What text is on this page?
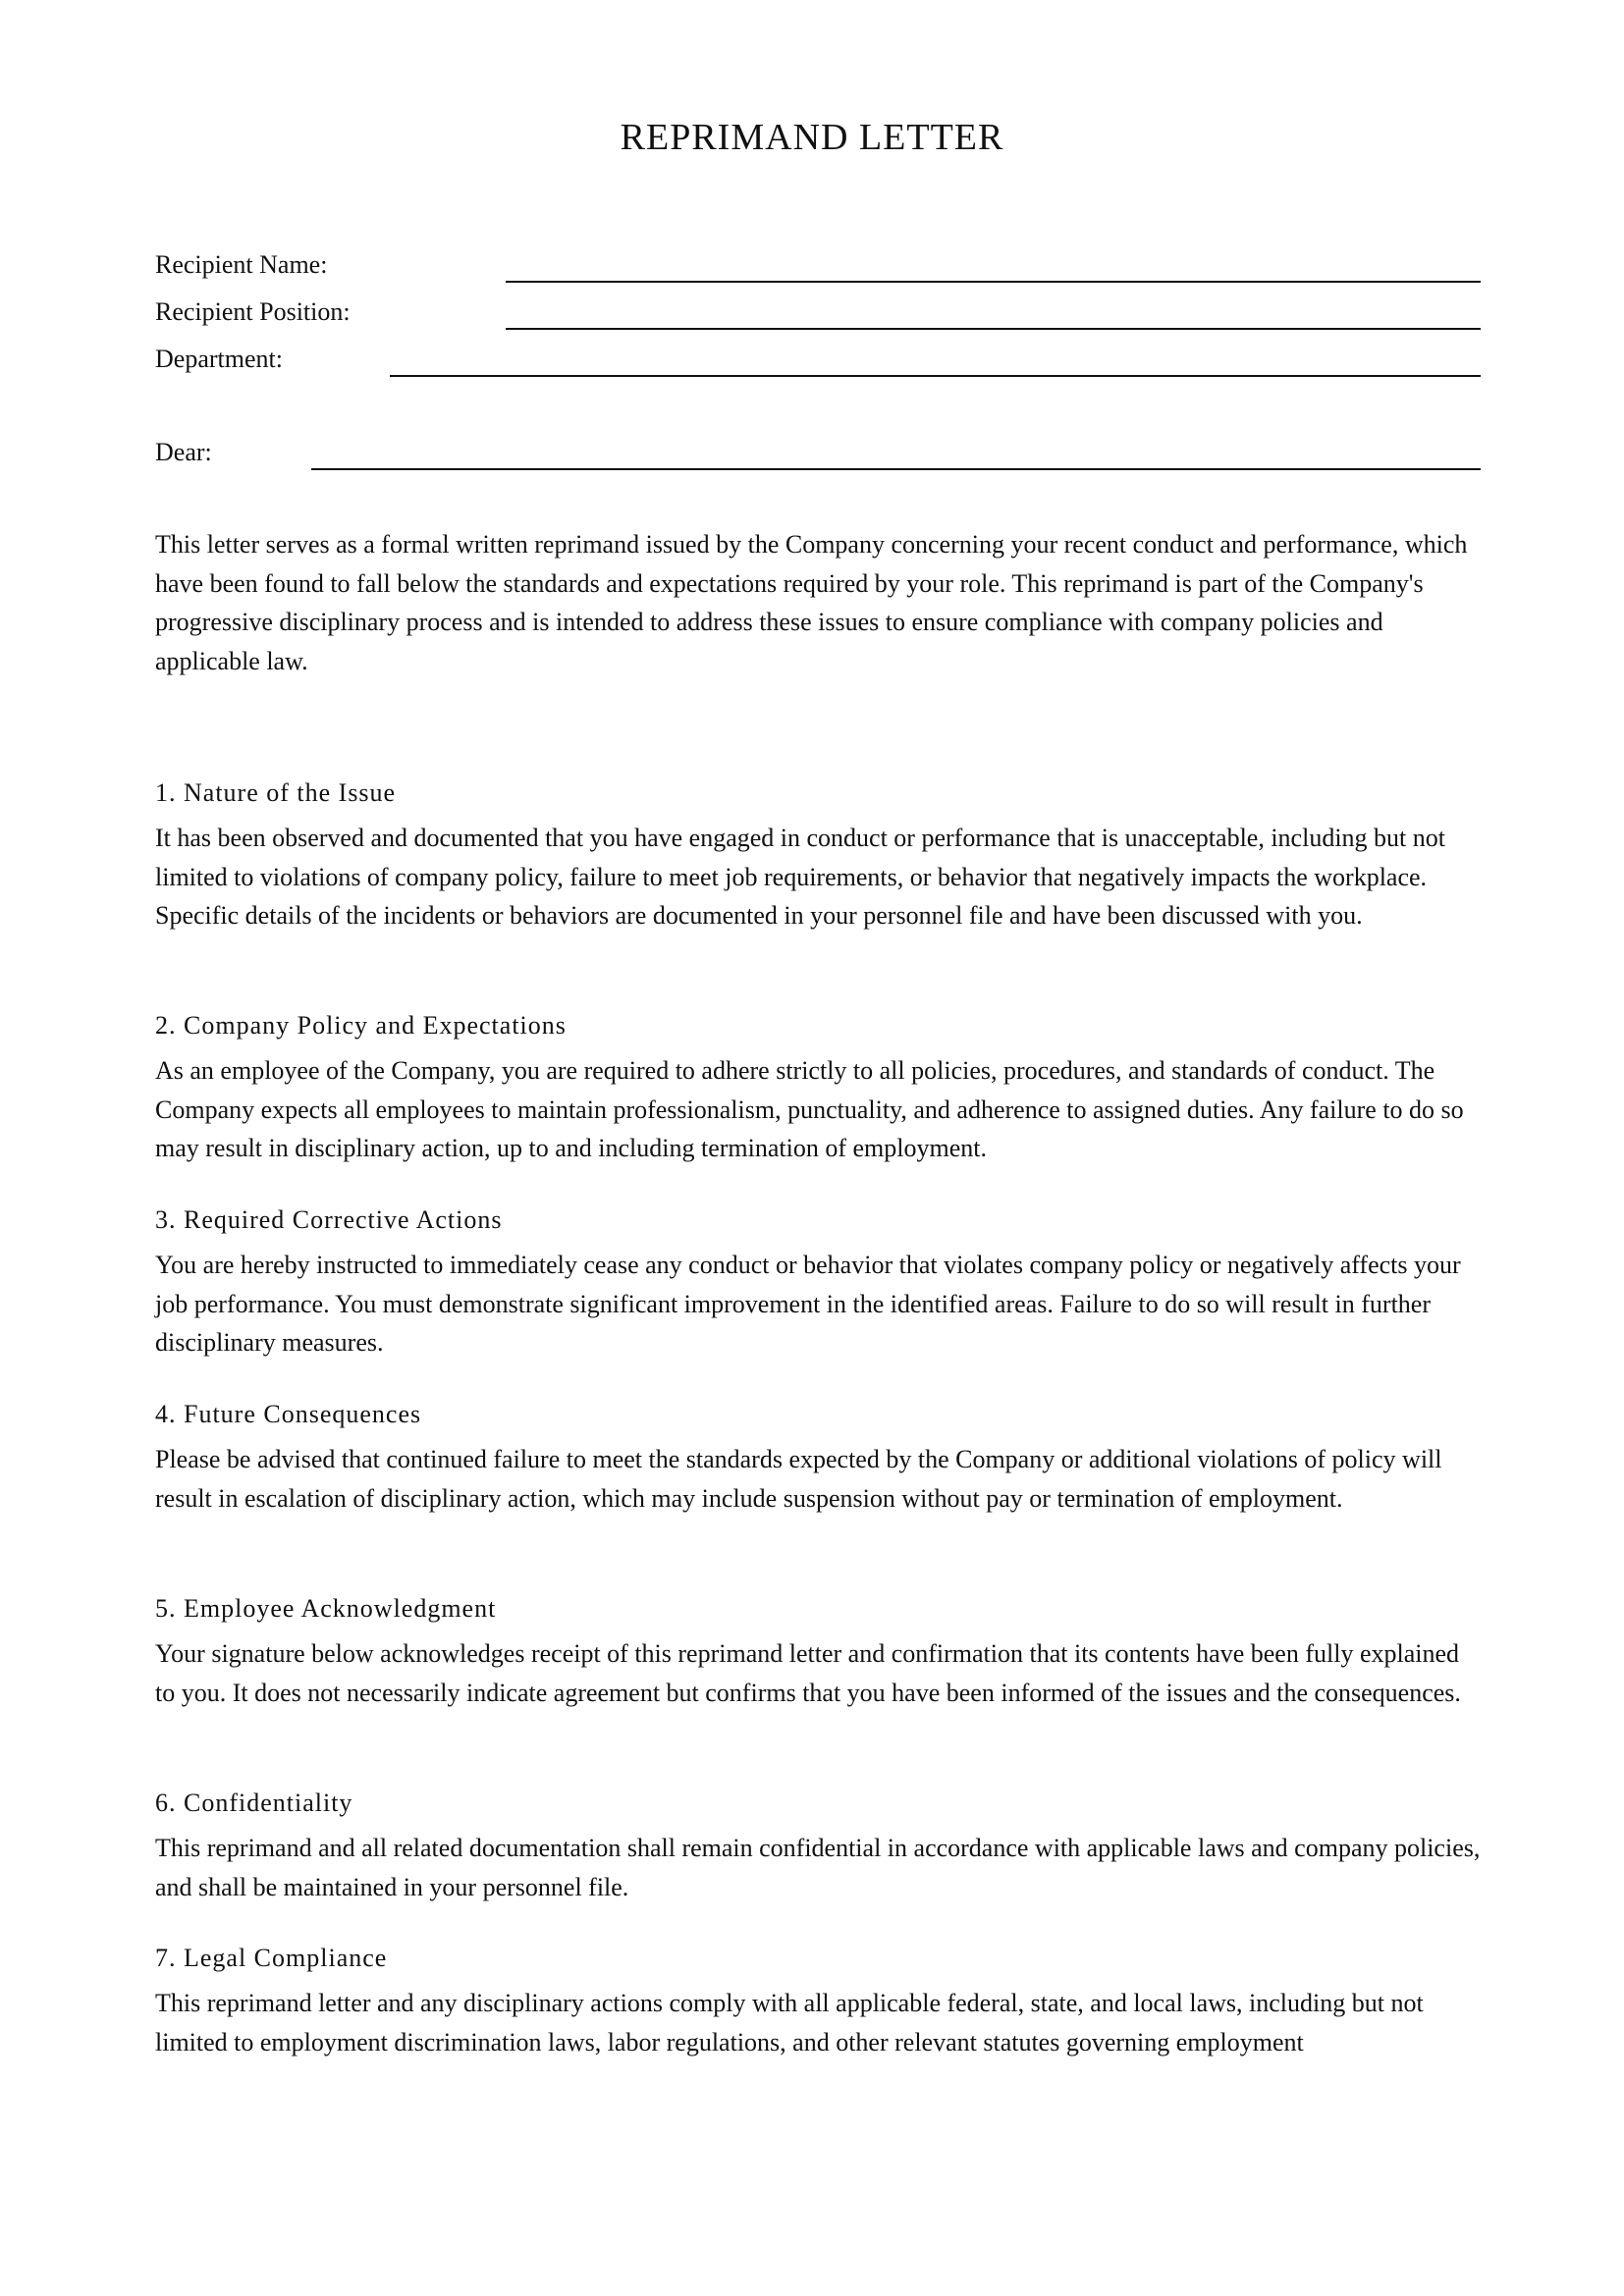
REPRIMAND LETTER
Recipient Name:
Recipient Position:
Department:
Dear:

This letter serves as a formal written reprimand issued by the Company concerning your recent conduct and performance, which have been found to fall below the standards and expectations required by your role. This reprimand is part of the Company's progressive disciplinary process and is intended to address these issues to ensure compliance with company policies and applicable law.

1. Nature of the Issue

It has been observed and documented that you have engaged in conduct or performance that is unacceptable, including but not limited to violations of company policy, failure to meet job requirements, or behavior that negatively impacts the workplace. Specific details of the incidents or behaviors are documented in your personnel file and have been discussed with you.

2. Company Policy and Expectations

As an employee of the Company, you are required to adhere strictly to all policies, procedures, and standards of conduct. The Company expects all employees to maintain professionalism, punctuality, and adherence to assigned duties. Any failure to do so may result in disciplinary action, up to and including termination of employment.

3. Required Corrective Actions

You are hereby instructed to immediately cease any conduct or behavior that violates company policy or negatively affects your job performance. You must demonstrate significant improvement in the identified areas. Failure to do so will result in further disciplinary measures.

4. Future Consequences

Please be advised that continued failure to meet the standards expected by the Company or additional violations of policy will result in escalation of disciplinary action, which may include suspension without pay or termination of employment.

5. Employee Acknowledgment

Your signature below acknowledges receipt of this reprimand letter and confirmation that its contents have been fully explained to you. It does not necessarily indicate agreement but confirms that you have been informed of the issues and the consequences.

6. Confidentiality

This reprimand and all related documentation shall remain confidential in accordance with applicable laws and company policies, and shall be maintained in your personnel file.

7. Legal Compliance

This reprimand letter and any disciplinary actions comply with all applicable federal, state, and local laws, including but not limited to employment discrimination laws, labor regulations, and other relevant statutes governing employment
